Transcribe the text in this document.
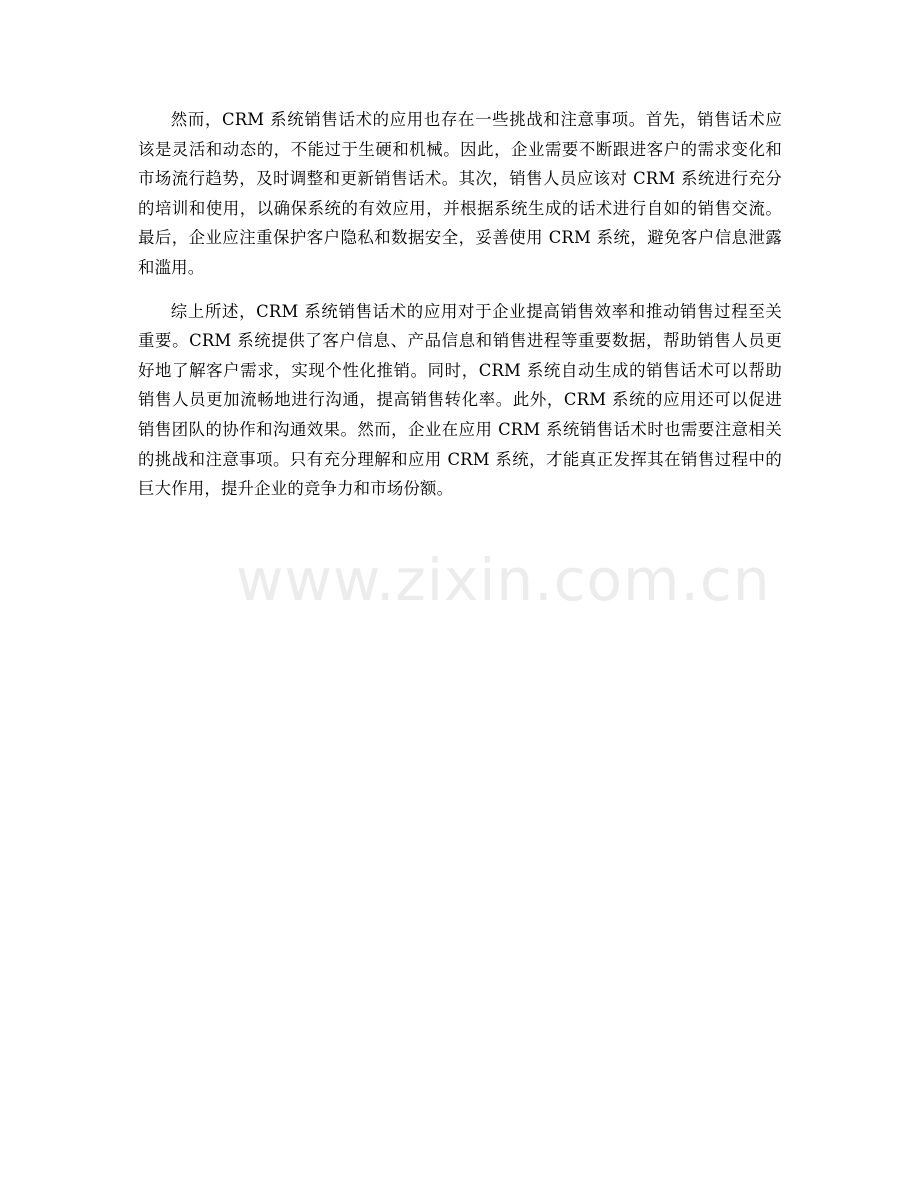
然而，CRM 系统销售话术的应用也存在一些挑战和注意事项。首先，销售话术应该是灵活和动态的，不能过于生硬和机械。因此，企业需要不断跟进客户的需求变化和市场流行趋势，及时调整和更新销售话术。其次，销售人员应该对 CRM 系统进行充分的培训和使用，以确保系统的有效应用，并根据系统生成的话术进行自如的销售交流。最后，企业应注重保护客户隐私和数据安全，妥善使用 CRM 系统，避免客户信息泄露和滥用。

综上所述，CRM 系统销售话术的应用对于企业提高销售效率和推动销售过程至关重要。CRM 系统提供了客户信息、产品信息和销售进程等重要数据，帮助销售人员更好地了解客户需求，实现个性化推销。同时，CRM 系统自动生成的销售话术可以帮助销售人员更加流畅地进行沟通，提高销售转化率。此外，CRM 系统的应用还可以促进销售团队的协作和沟通效果。然而，企业在应用 CRM 系统销售话术时也需要注意相关的挑战和注意事项。只有充分理解和应用 CRM 系统，才能真正发挥其在销售过程中的巨大作用，提升企业的竞争力和市场份额。

www.zixin.com.cn
